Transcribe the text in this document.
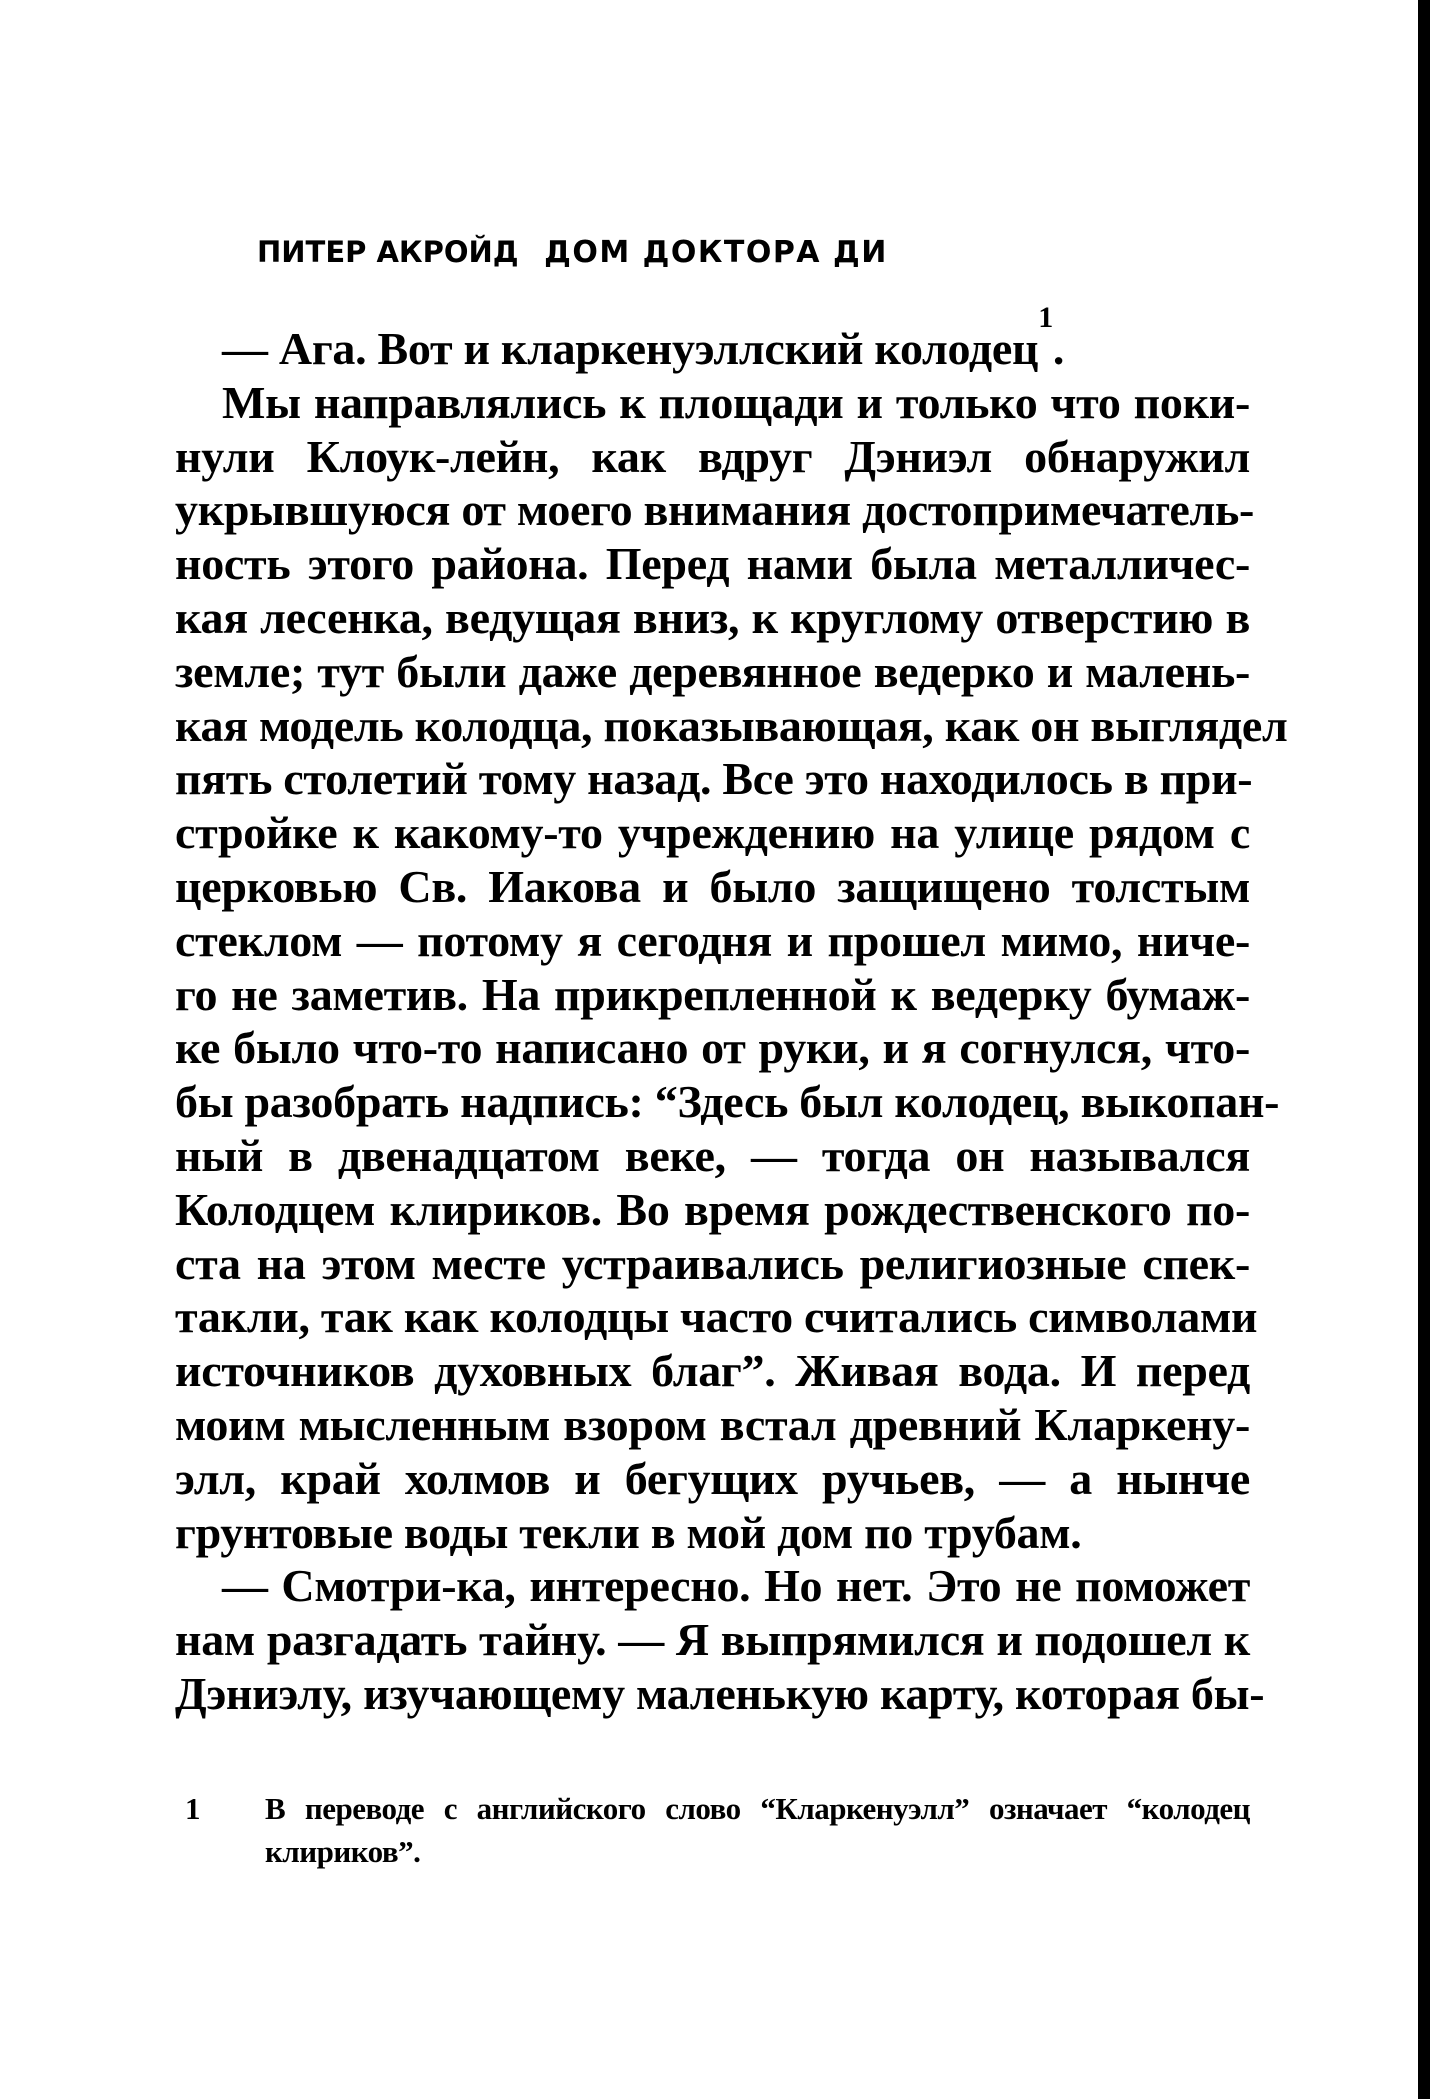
ПИТЕР АКРОЙД ДОМ ДОКТОРА ДИ
— Ага. Вот и кларкенуэллский колодец$^1$.
Мы направлялись к площади и только что поки-
нули Клоук-лейн, как вдруг Дэниэл обнаружил
укрывшуюся от моего внимания достопримечатель-
ность этого района. Перед нами была металличес-
кая лесенка, ведущая вниз, к круглому отверстию в
земле; тут были даже деревянное ведерко и малень-
кая модель колодца, показывающая, как он выглядел
пять столетий тому назад. Все это находилось в при-
стройке к какому-то учреждению на улице рядом с
церковью Св. Иакова и было защищено толстым
стеклом — потому я сегодня и прошел мимо, ниче-
го не заметив. На прикрепленной к ведерку бумаж-
ке было что-то написано от руки, и я согнулся, что-
бы разобрать надпись: “Здесь был колодец, выкопан-
ный в двенадцатом веке, — тогда он назывался
Колодцем клириков. Во время рождественского по-
ста на этом месте устраивались религиозные спек-
такли, так как колодцы часто считались символами
источников духовных благ”. Живая вода. И перед
моим мысленным взором встал древний Кларкену-
элл, край холмов и бегущих ручьев, — а нынче
грунтовые воды текли в мой дом по трубам.
— Смотри-ка, интересно. Но нет. Это не поможет
нам разгадать тайну. — Я выпрямился и подошел к
Дэниэлу, изучающему маленькую карту, которая бы-
1 В переводе с английского слово “Кларкенуэлл” означает “колодец
клириков”.
